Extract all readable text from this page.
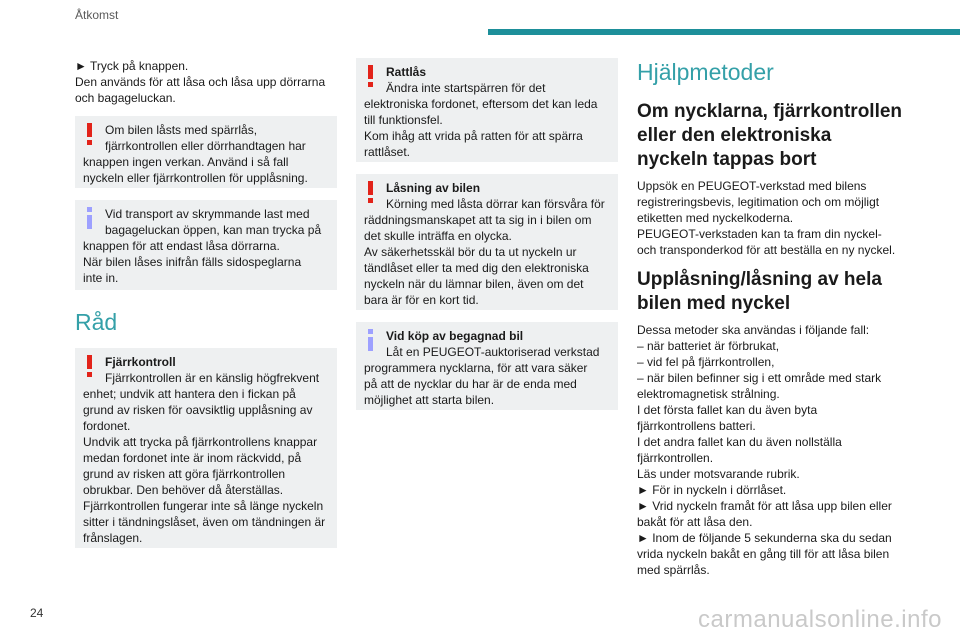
Åtkomst
► Tryck på knappen.
Den används för att låsa och låsa upp dörrarna
och bagageluckan.
Om bilen låsts med spärrlås,
fjärrkontrollen eller dörrhandtagen har
knappen ingen verkan. Använd i så fall
nyckeln eller fjärrkontrollen för upplåsning.
Vid transport av skrymmande last med
bagageluckan öppen, kan man trycka på
knappen för att endast låsa dörrarna.
När bilen låses inifrån fälls sidospeglarna
inte in.
Råd
Fjärrkontroll
Fjärrkontrollen är en känslig högfrekvent
enhet; undvik att hantera den i fickan på
grund av risken för oavsiktlig upplåsning av
fordonet.
Undvik att trycka på fjärrkontrollens knappar
medan fordonet inte är inom räckvidd, på
grund av risken att göra fjärrkontrollen
obrukbar. Den behöver då återställas.
Fjärrkontrollen fungerar inte så länge nyckeln
sitter i tändningslåset, även om tändningen är
frånslagen.
Rattlås
Ändra inte startspärren för det
elektroniska fordonet, eftersom det kan leda
till funktionsfel.
Kom ihåg att vrida på ratten för att spärra
rattlåset.
Låsning av bilen
Körning med låsta dörrar kan försvåra för
räddningsmanskapet att ta sig in i bilen om
det skulle inträffa en olycka.
Av säkerhetsskäl bör du ta ut nyckeln ur
tändlåset eller ta med dig den elektroniska
nyckeln när du lämnar bilen, även om det
bara är för en kort tid.
Vid köp av begagnad bil
Låt en PEUGEOT-auktoriserad verkstad
programmera nycklarna, för att vara säker
på att de nycklar du har är de enda med
möjlighet att starta bilen.
Hjälpmetoder
Om nycklarna, fjärrkontrollen eller den elektroniska nyckeln tappas bort
Uppsök en PEUGEOT-verkstad med bilens
registreringsbevis, legitimation och om möjligt
etiketten med nyckelkoderna.
PEUGEOT-verkstaden kan ta fram din nyckel-
och transponderkod för att beställa en ny nyckel.
Upplåsning/låsning av hela bilen med nyckel
Dessa metoder ska användas i följande fall:
– när batteriet är förbrukat,
– vid fel på fjärrkontrollen,
– när bilen befinner sig i ett område med stark
elektromagnetisk strålning.
I det första fallet kan du även byta
fjärrkontrollens batteri.
I det andra fallet kan du även nollställa
fjärrkontrollen.
Läs under motsvarande rubrik.
► För in nyckeln i dörrlåset.
► Vrid nyckeln framåt för att låsa upp bilen eller
bakåt för att låsa den.
► Inom de följande 5 sekunderna ska du sedan
vrida nyckeln bakåt en gång till för att låsa bilen
med spärrlås.
24	carmanualsonline.info
